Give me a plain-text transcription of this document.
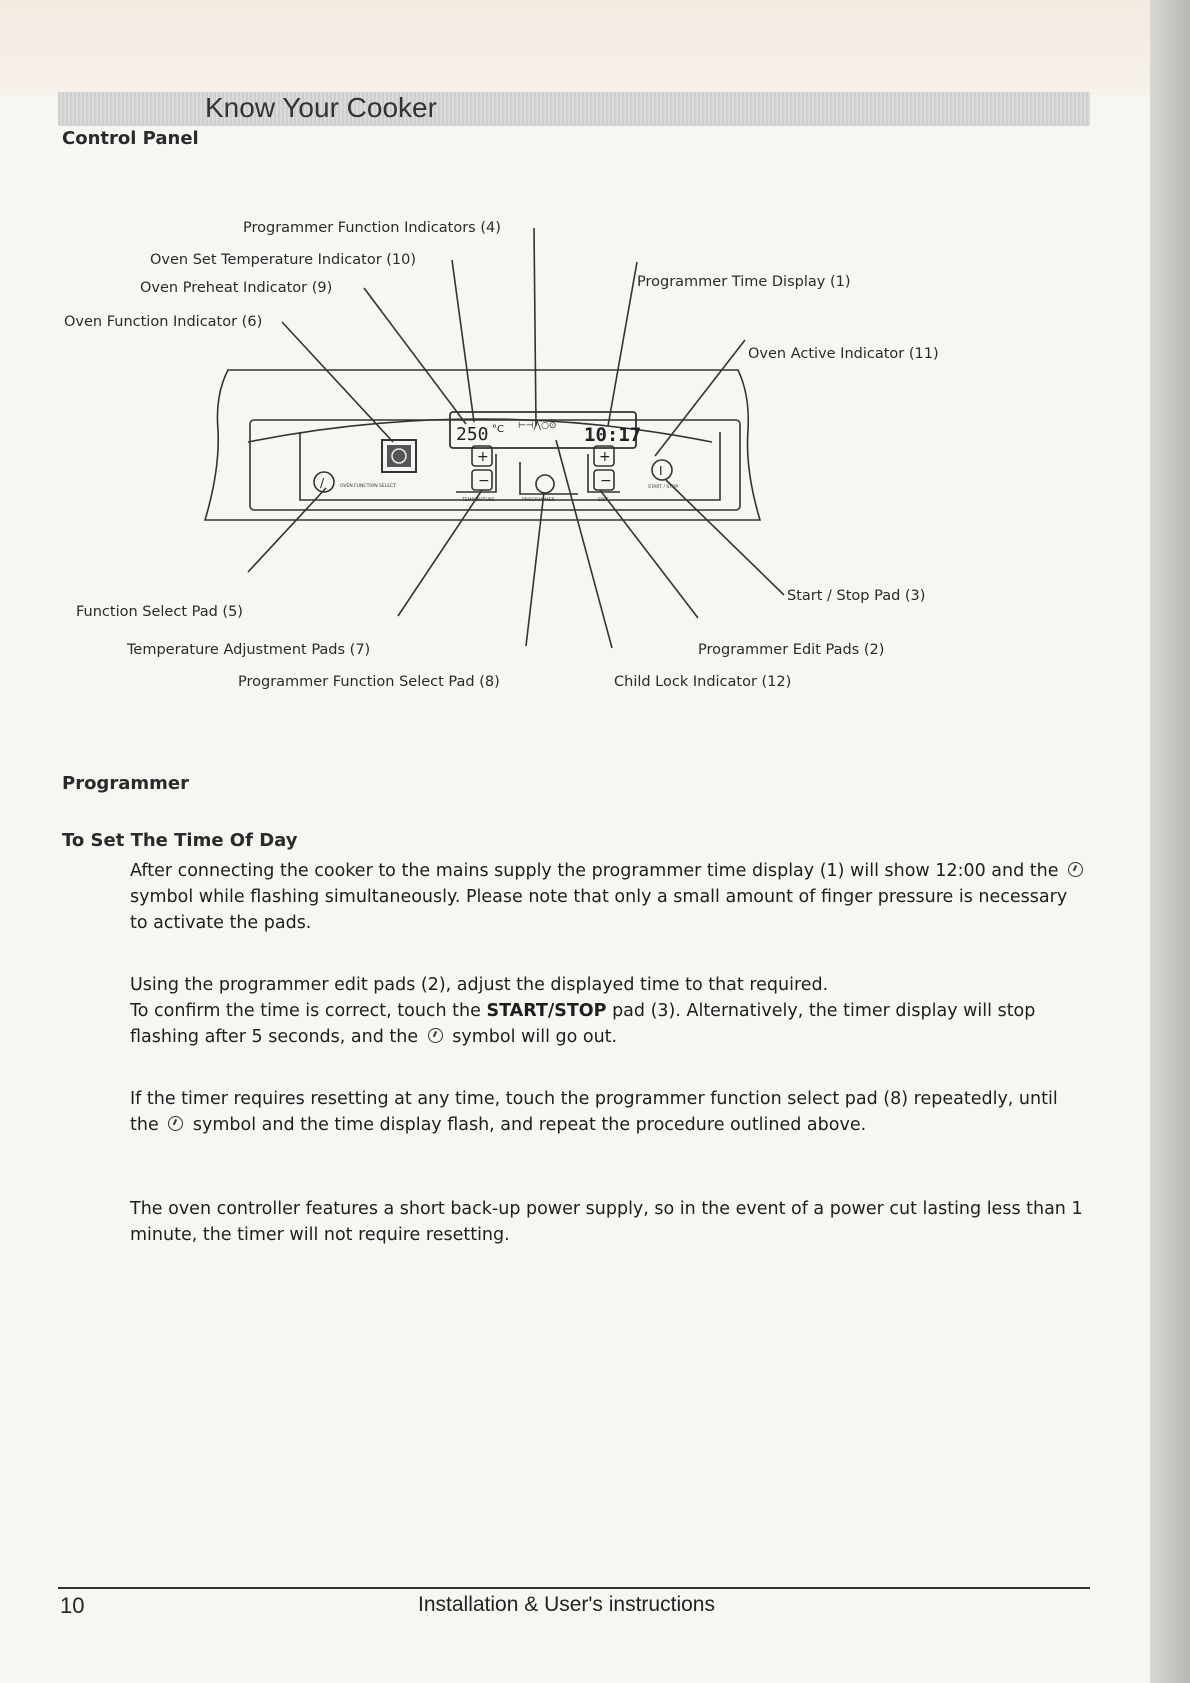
Know Your Cooker
Control Panel
250 °C	10:17
⊢⊣⋀○⊙
+
−
+
−
/
I
OVEN FUNCTION SELECT
TEMPERATURE	PROGRAMMER	EDIT
START / STOP
Programmer Function Indicators (4)
Oven Set Temperature Indicator (10)
Oven Preheat Indicator (9)
Oven Function Indicator (6)
Programmer Time Display (1)
Oven Active Indicator (11)
Start / Stop Pad (3)
Function Select Pad (5)
Temperature Adjustment Pads (7)	Programmer Edit Pads (2)
Programmer Function Select Pad (8)	Child Lock Indicator (12)
Programmer
To Set The Time Of Day
After connecting the cooker to the mains supply the programmer time display (1) will show 12:00 and the  symbol while flashing simultaneously. Please note that only a small amount of finger pressure is necessary to activate the pads.
Using the programmer edit pads (2), adjust the displayed time to that required.
To confirm the time is correct, touch the START/STOP pad (3). Alternatively, the timer display will stop flashing after 5 seconds, and the symbol will go out.
If the timer requires resetting at any time, touch the programmer function select pad (8) repeatedly, until the symbol and the time display flash, and repeat the procedure outlined above.
The oven controller features a short back-up power supply, so in the event of a power cut lasting less than 1 minute, the timer will not require resetting.
10	Installation & User's instructions
